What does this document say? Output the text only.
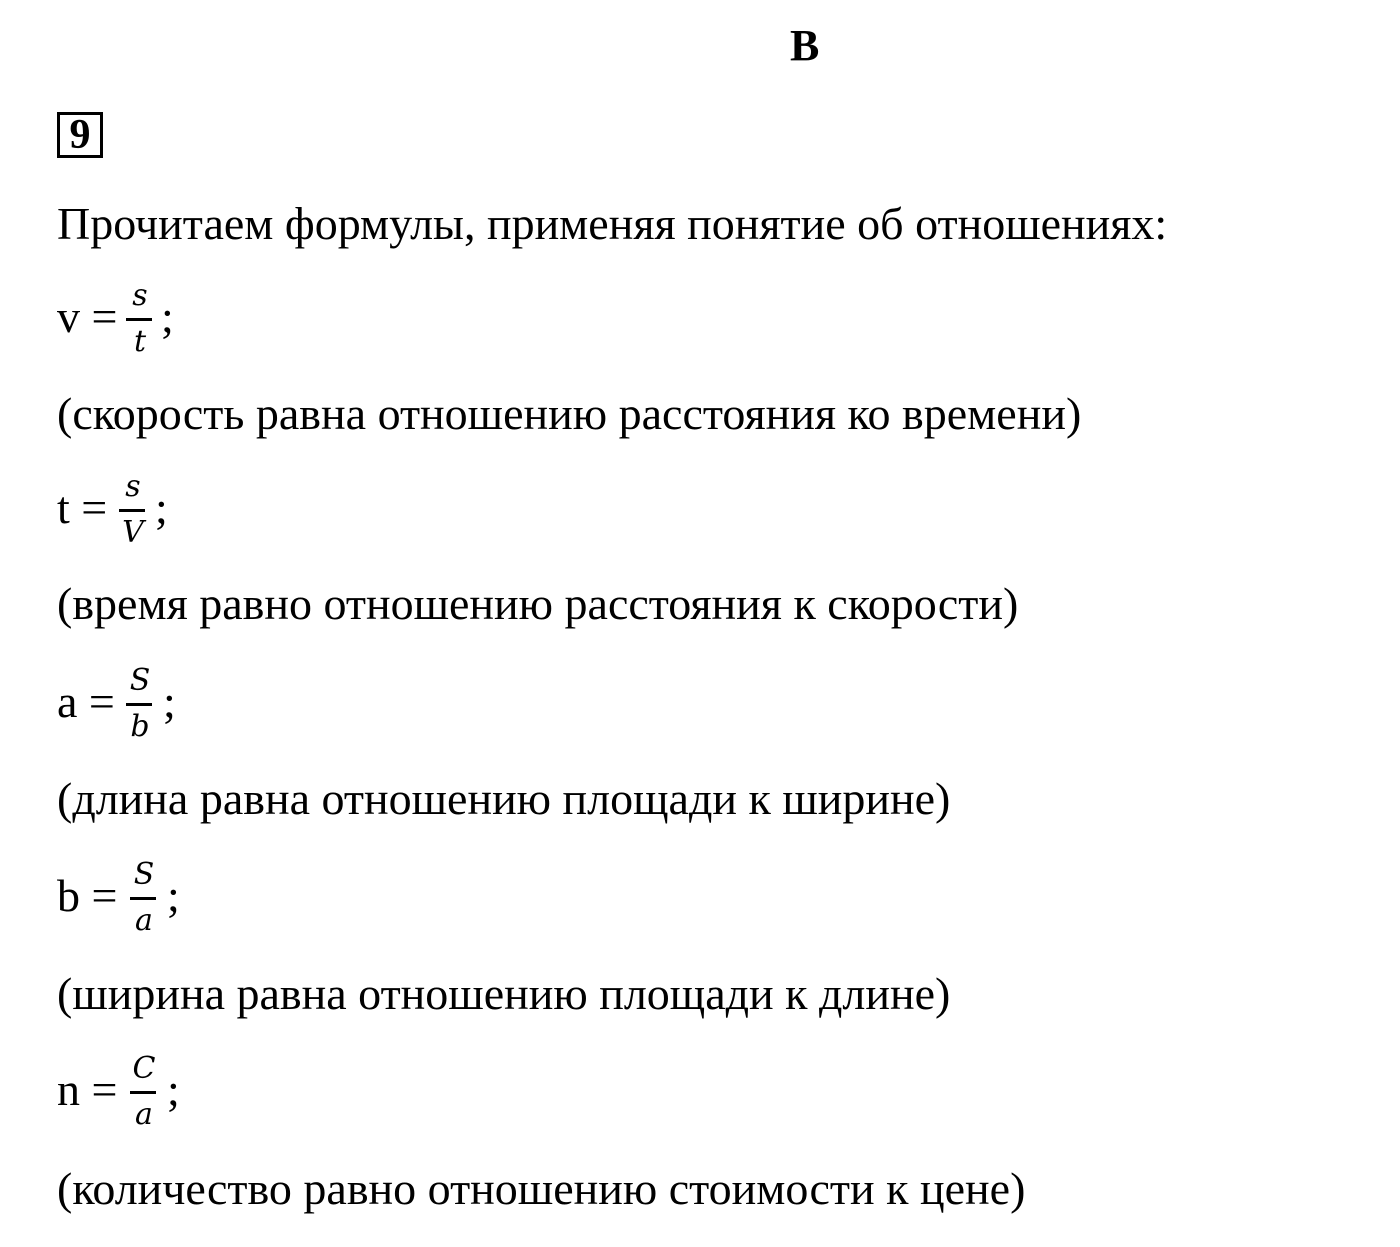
В
9
Прочитаем формулы, применяя понятие об отношениях:
v = s
t ;
(скорость равна отношению расстояния ко времени)
t = s
V ;
(время равно отношению расстояния к скорости)
a = S
b ;
(длина равна отношению площади к ширине)
b = S
a ;
(ширина равна отношению площади к длине)
n = C
a ;
(количество равно отношению стоимости к цене)
